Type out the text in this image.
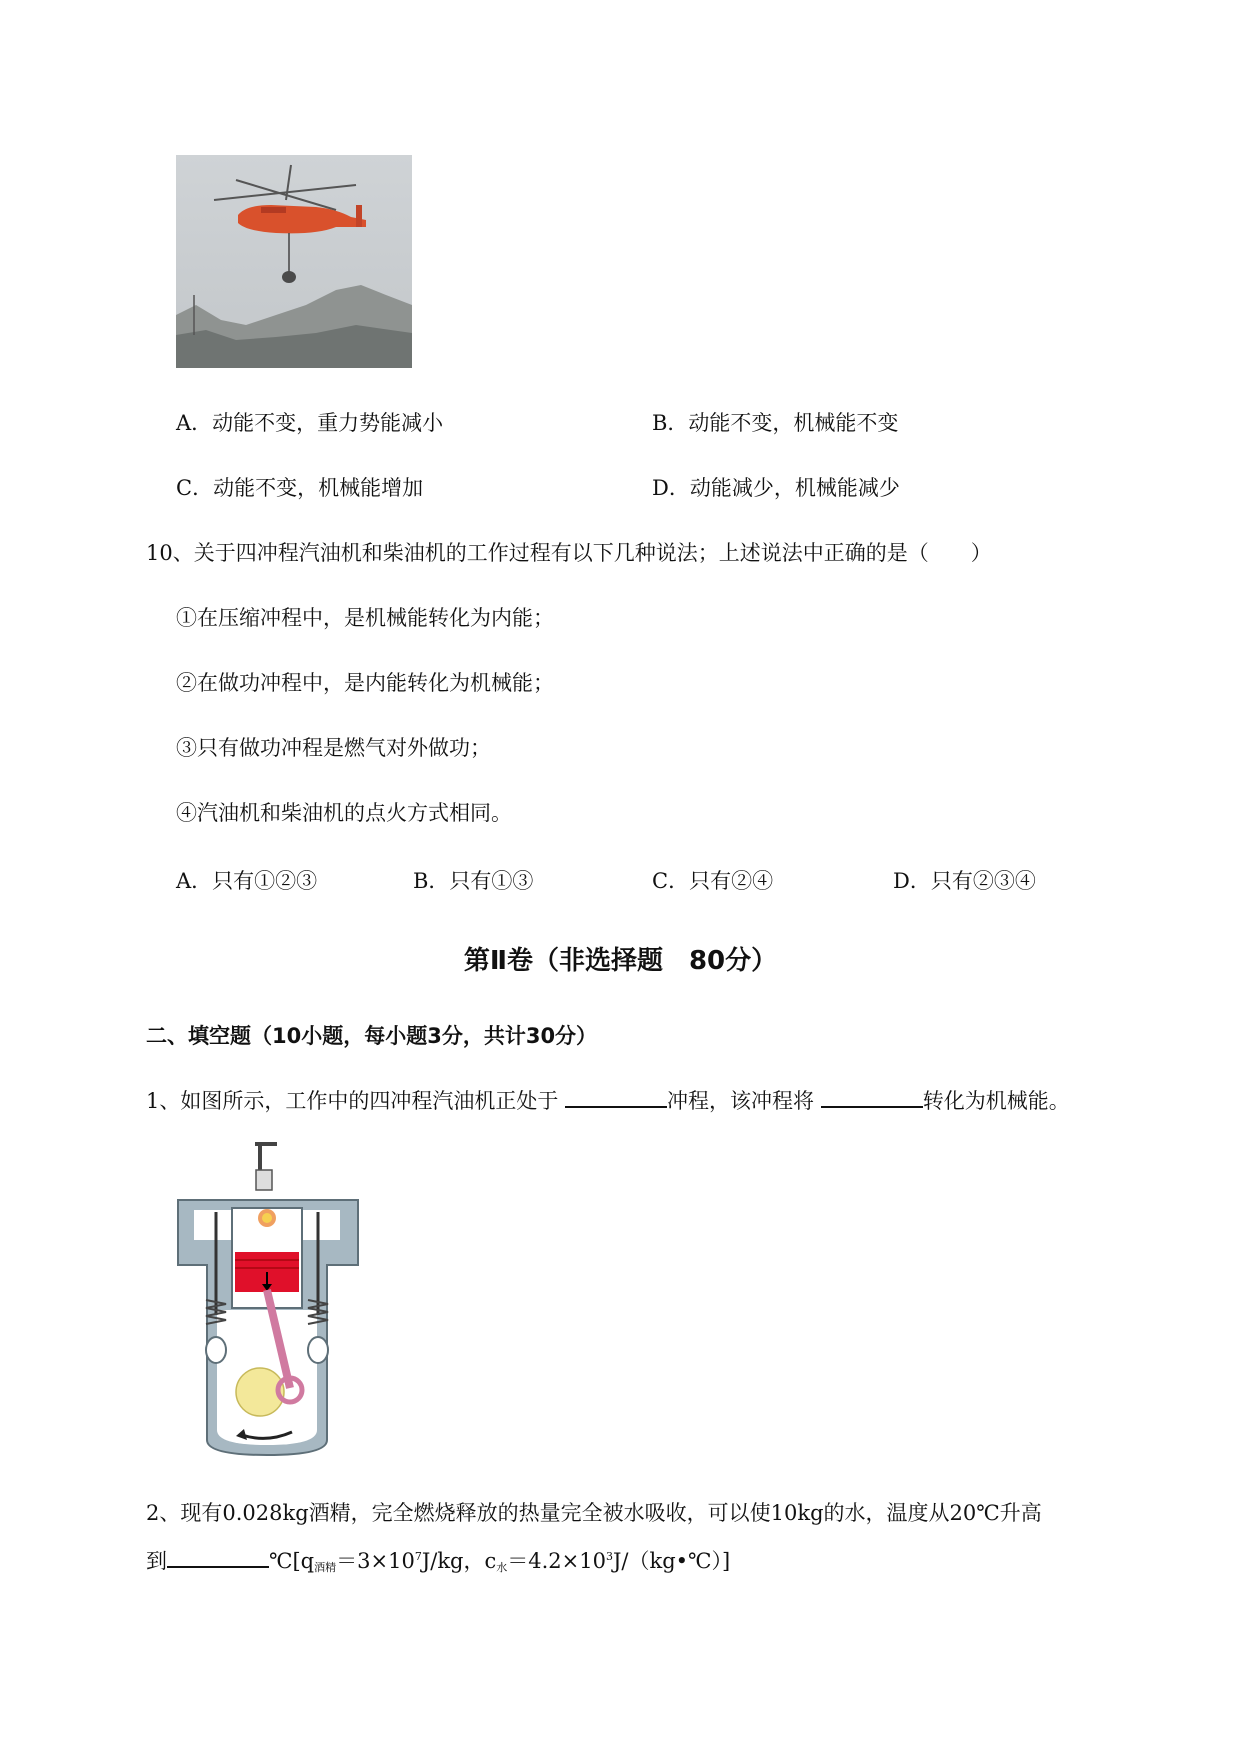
A．动能不变，重力势能减小	B．动能不变，机械能不变
C．动能不变，机械能增加	D．动能减少，机械能减少
10、关于四冲程汽油机和柴油机的工作过程有以下几种说法；上述说法中正确的是（　　）
①在压缩冲程中，是机械能转化为内能；
②在做功冲程中，是内能转化为机械能；
③只有做功冲程是燃气对外做功；
④汽油机和柴油机的点火方式相同。
A．只有①②③	B．只有①③	C．只有②④	D．只有②③④
第Ⅱ卷（非选择题　80分）
二、填空题（10小题，每小题3分，共计30分）
1、如图所示，工作中的四冲程汽油机正处于	冲程，该冲程将	转化为机械能。
2、现有0.028kg酒精，完全燃烧释放的热量完全被水吸收，可以使10kg的水，温度从20℃升高
到	$℃[q_{酒精}=3\times 10^7J/kg$，$c_水=4.2\times 10^3J/(kg•℃)$]
